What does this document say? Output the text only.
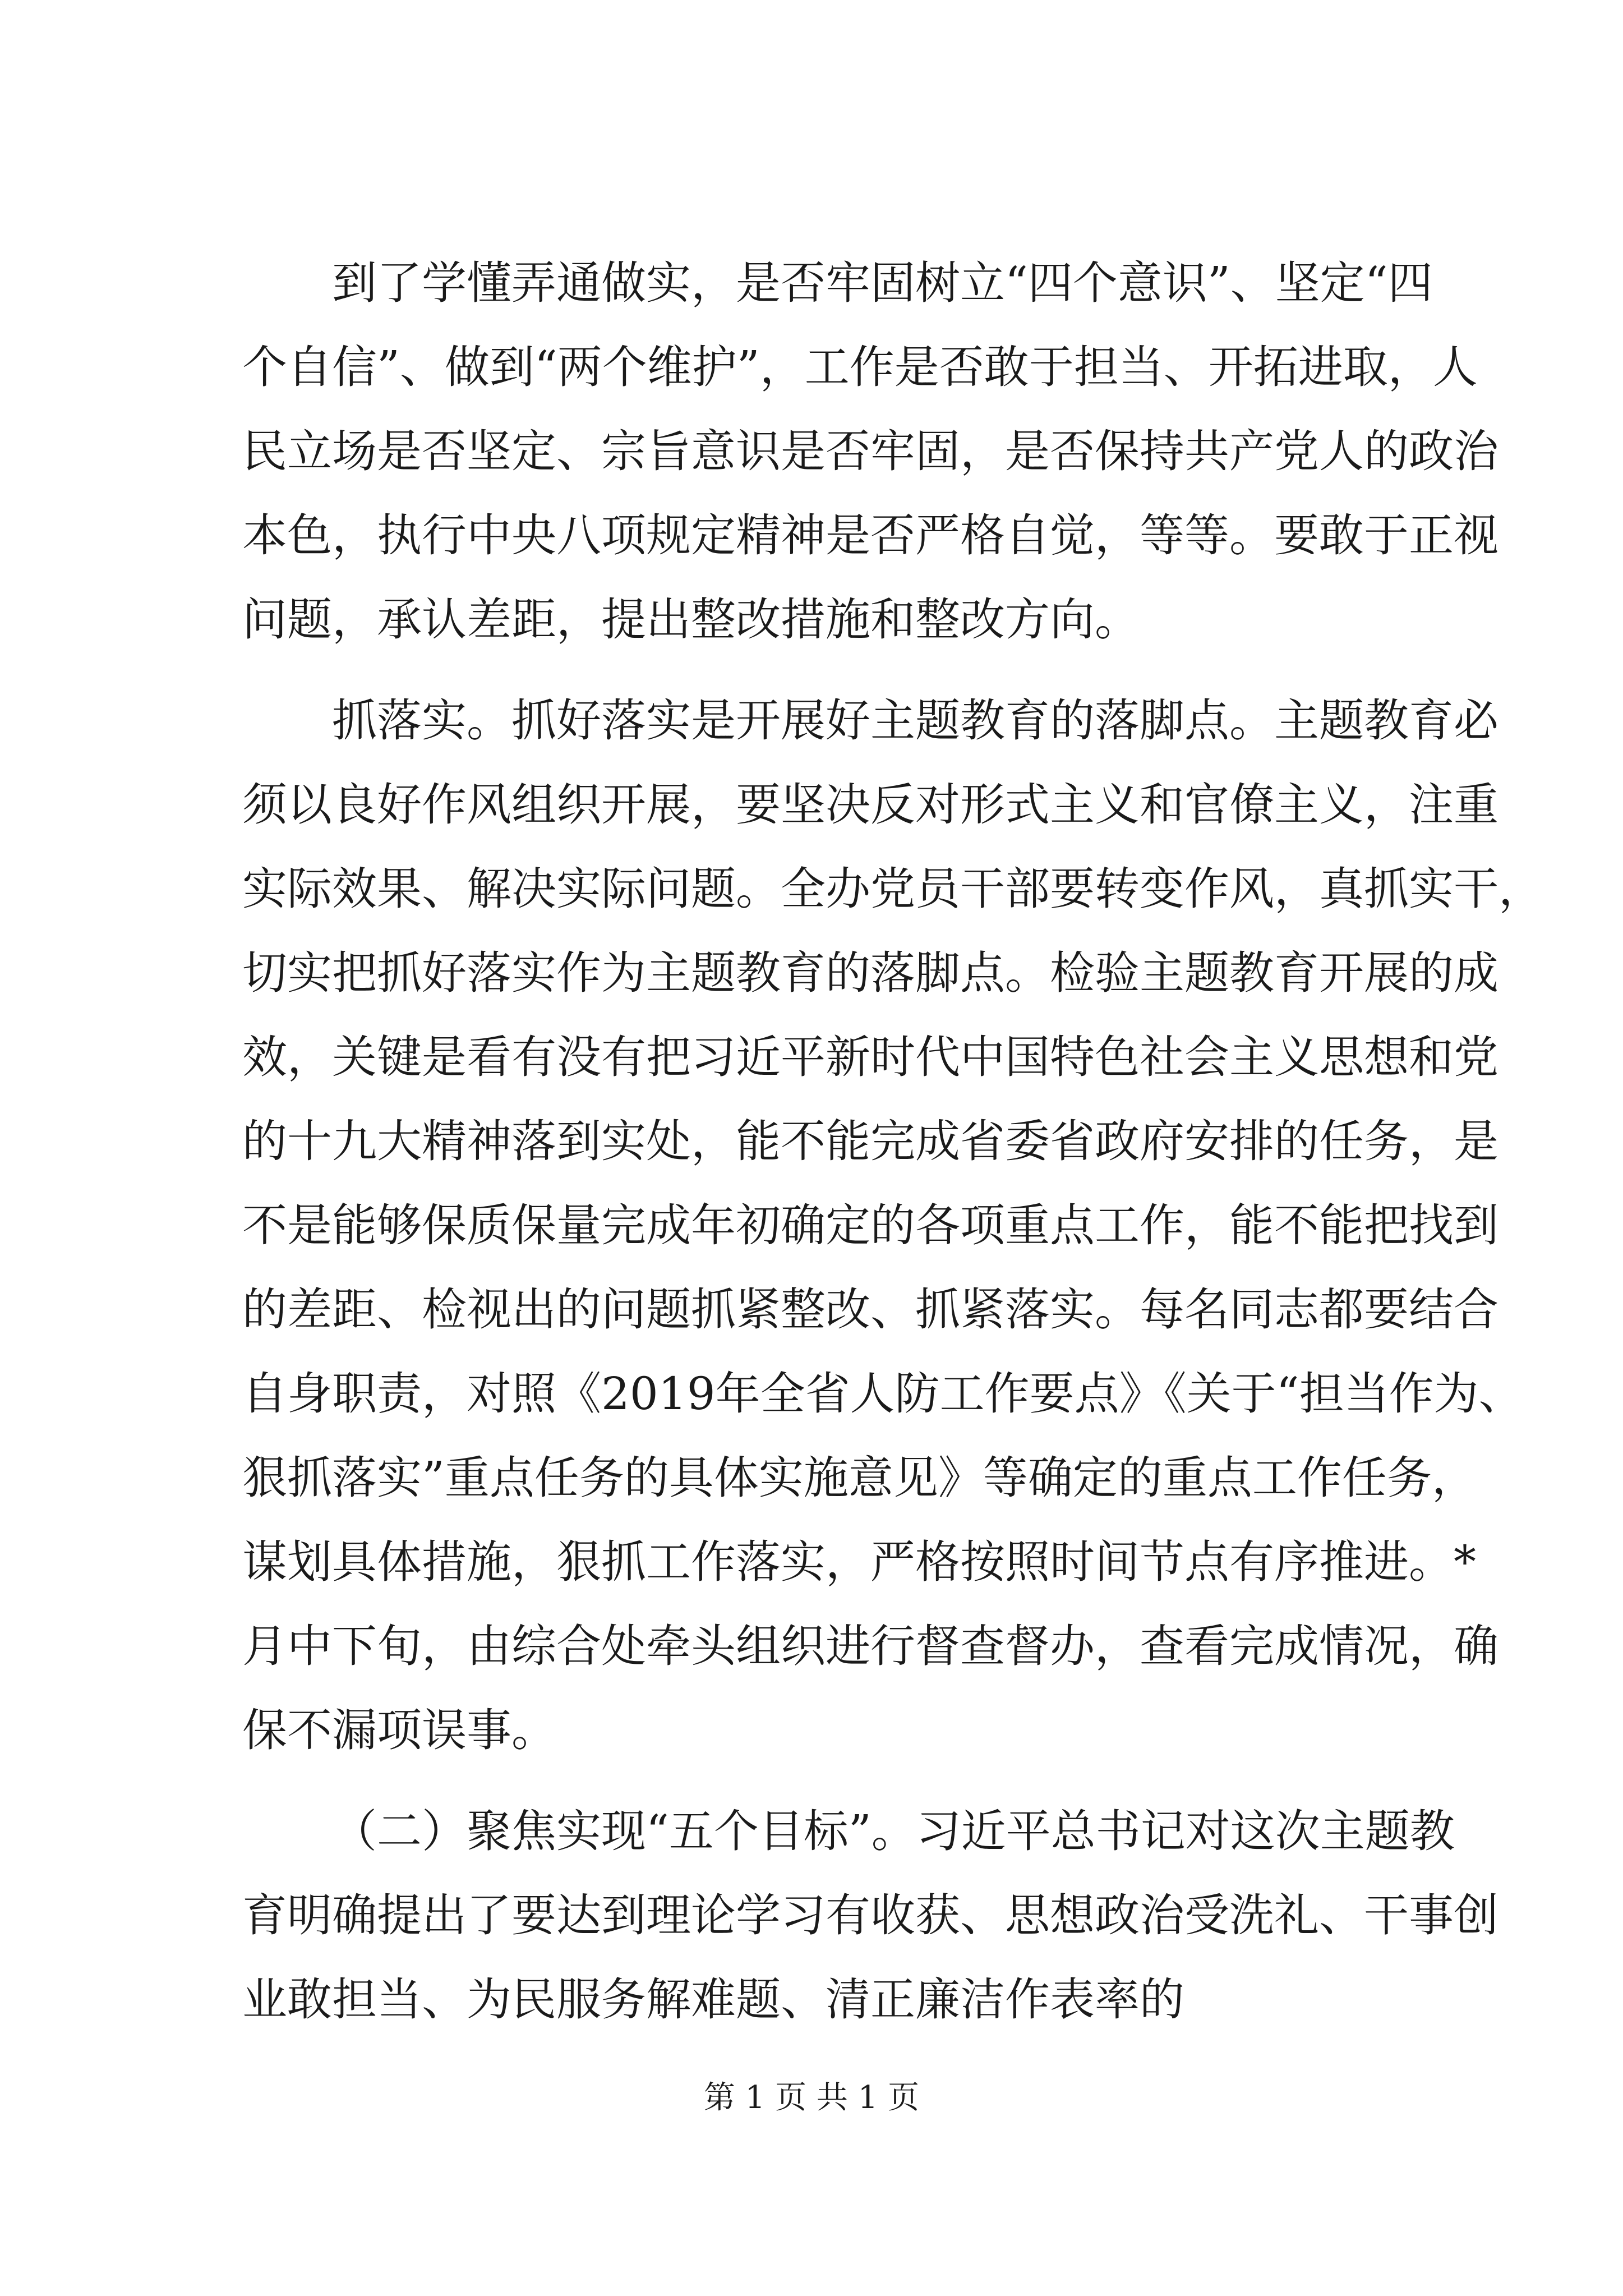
到了学懂弄通做实，是否牢固树立“四个意识”、坚定“四
个自信”、做到“两个维护”，工作是否敢于担当、开拓进取，人
民立场是否坚定、宗旨意识是否牢固，是否保持共产党人的政治
本色，执行中央八项规定精神是否严格自觉，等等。要敢于正视
问题，承认差距，提出整改措施和整改方向。
抓落实。抓好落实是开展好主题教育的落脚点。主题教育必
须以良好作风组织开展，要坚决反对形式主义和官僚主义，注重
实际效果、解决实际问题。全办党员干部要转变作风，真抓实干，
切实把抓好落实作为主题教育的落脚点。检验主题教育开展的成
效，关键是看有没有把习近平新时代中国特色社会主义思想和党
的十九大精神落到实处，能不能完成省委省政府安排的任务，是
不是能够保质保量完成年初确定的各项重点工作，能不能把找到
的差距、检视出的问题抓紧整改、抓紧落实。每名同志都要结合
自身职责，对照《2019年全省人防工作要点》《关于“担当作为、
狠抓落实”重点任务的具体实施意见》等确定的重点工作任务，
谋划具体措施，狠抓工作落实，严格按照时间节点有序推进。*
月中下旬，由综合处牵头组织进行督查督办，查看完成情况，确
保不漏项误事。
（二）聚焦实现“五个目标”。习近平总书记对这次主题教
育明确提出了要达到理论学习有收获、思想政治受洗礼、干事创
业敢担当、为民服务解难题、清正廉洁作表率的
第 1 页 共 1 页
